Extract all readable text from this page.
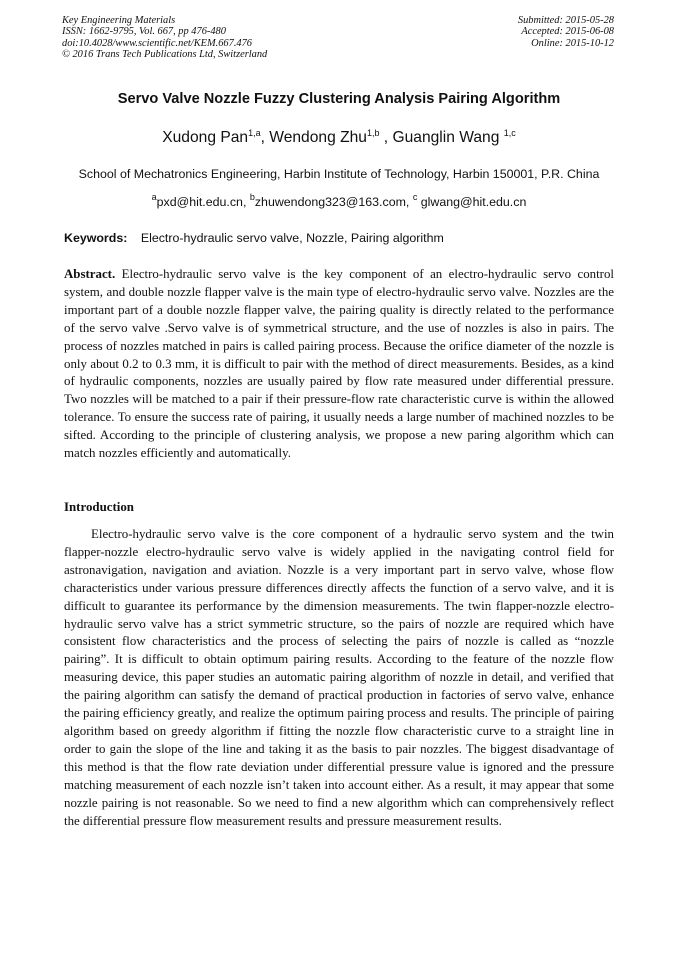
Key Engineering Materials
ISSN: 1662-9795, Vol. 667, pp 476-480
doi:10.4028/www.scientific.net/KEM.667.476
© 2016 Trans Tech Publications Ltd, Switzerland
Submitted: 2015-05-28
Accepted: 2015-06-08
Online: 2015-10-12
Servo Valve Nozzle Fuzzy Clustering Analysis Pairing Algorithm
Xudong Pan$^{1,a}$, Wendong Zhu$^{1,b}$ , Guanglin Wang $^{1,c}$
School of Mechatronics Engineering, Harbin Institute of Technology, Harbin 150001, P.R. China
$^a$pxd@hit.edu.cn, $^b$zhuwendong323@163.com, $^c$ glwang@hit.edu.cn
Keywords: Electro-hydraulic servo valve, Nozzle, Pairing algorithm
Abstract. Electro-hydraulic servo valve is the key component of an electro-hydraulic servo control system, and double nozzle flapper valve is the main type of electro-hydraulic servo valve. Nozzles are the important part of a double nozzle flapper valve, the pairing quality is directly related to the performance of the servo valve .Servo valve is of symmetrical structure, and the use of nozzles is also in pairs. The process of nozzles matched in pairs is called pairing process. Because the orifice diameter of the nozzle is only about 0.2 to 0.3 mm, it is difficult to pair with the method of direct measurements. Besides, as a kind of hydraulic components, nozzles are usually paired by flow rate measured under differential pressure. Two nozzles will be matched to a pair if their pressure-flow rate characteristic curve is within the allowed tolerance. To ensure the success rate of pairing, it usually needs a large number of machined nozzles to be sifted. According to the principle of clustering analysis, we propose a new paring algorithm which can match nozzles efficiently and automatically.
Introduction
Electro-hydraulic servo valve is the core component of a hydraulic servo system and the twin flapper-nozzle electro-hydraulic servo valve is widely applied in the navigating control field for astronavigation, navigation and aviation. Nozzle is a very important part in servo valve, whose flow characteristics under various pressure differences directly affects the function of a servo valve, and it is difficult to guarantee its performance by the dimension measurements. The twin flapper-nozzle electro-hydraulic servo valve has a strict symmetric structure, so the pairs of nozzle are required which have consistent flow characteristics and the process of selecting the pairs of nozzle is called as “nozzle pairing”. It is difficult to obtain optimum pairing results. According to the feature of the nozzle flow measuring device, this paper studies an automatic pairing algorithm of nozzle in detail, and verified that the pairing algorithm can satisfy the demand of practical production in factories of servo valve, enhance the pairing efficiency greatly, and realize the optimum pairing process and results. The principle of pairing algorithm based on greedy algorithm if fitting the nozzle flow characteristic curve to a straight line in order to gain the slope of the line and taking it as the basis to pair nozzles. The biggest disadvantage of this method is that the flow rate deviation under differential pressure value is ignored and the pressure matching measurement of each nozzle isn’t taken into account either. As a result, it may appear that some nozzle pairing is not reasonable. So we need to find a new algorithm which can comprehensively reflect the differential pressure flow measurement results and pressure measurement results.
